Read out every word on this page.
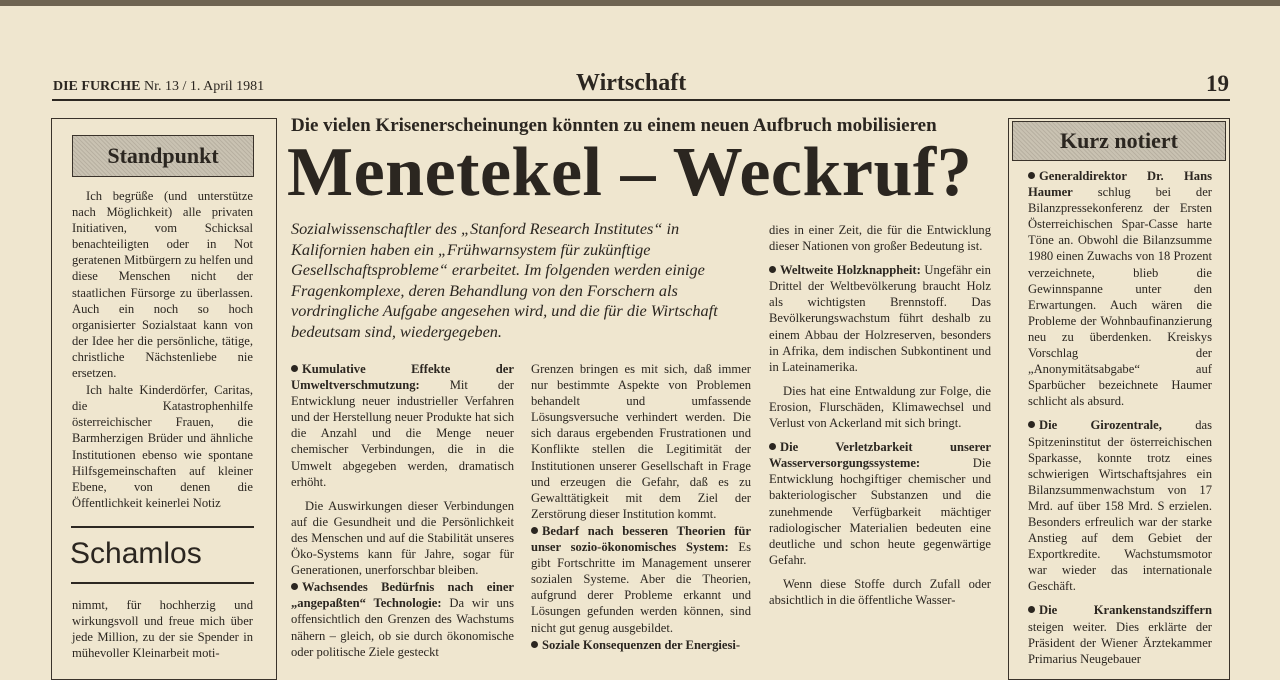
DIE FURCHE Nr. 13 / 1. April 1981	Wirtschaft	19
Standpunkt

Ich begrüße (und unterstütze nach Möglichkeit) alle privaten Initiativen, vom Schicksal benachteiligten oder in Not geratenen Mitbürgern zu helfen und diese Menschen nicht der staatlichen Fürsorge zu überlassen. Auch ein noch so hoch organisierter Sozialstaat kann von der Idee her die persönliche, tätige, christliche Nächstenliebe nie ersetzen.

Ich halte Kinderdörfer, Caritas, die Katastrophenhilfe österreichischer Frauen, die Barmherzigen Brüder und ähnliche Institutionen ebenso wie spontane Hilfsgemeinschaften auf kleiner Ebene, von denen die Öffentlichkeit keinerlei Notiz

Schamlos

nimmt, für hochherzig und wirkungsvoll und freue mich über jede Million, zu der sie Spender in mühevoller Kleinarbeit moti-

Die vielen Krisenerscheinungen könnten zu einem neuen Aufbruch mobilisieren
Menetekel – Weckruf?
Sozialwissenschaftler des „Stanford Research Institutes“ in Kalifornien haben ein „Frühwarnsystem für zukünftige Gesellschaftsprobleme“ erarbeitet. Im folgenden werden einige Fragenkomplexe, deren Behandlung von den Forschern als vordringliche Aufgabe angesehen wird, und die für die Wirtschaft bedeutsam sind, wiedergegeben.

Kumulative Effekte der Umweltverschmutzung: Mit der Entwicklung neuer industrieller Verfahren und der Herstellung neuer Produkte hat sich die Anzahl und die Menge neuer chemischer Verbindungen, die in die Umwelt abgegeben werden, dramatisch erhöht.

Die Auswirkungen dieser Verbindungen auf die Gesundheit und die Persönlichkeit des Menschen und auf die Stabilität unseres Öko-Systems kann für Jahre, sogar für Generationen, unerforschbar bleiben.

Wachsendes Bedürfnis nach einer „angepaßten“ Technologie: Da wir uns offensichtlich den Grenzen des Wachstums nähern – gleich, ob sie durch ökonomische oder politische Ziele gesteckt

Grenzen bringen es mit sich, daß immer nur bestimmte Aspekte von Problemen behandelt und umfassende Lösungsversuche verhindert werden. Die sich daraus ergebenden Frustrationen und Konflikte stellen die Legitimität der Institutionen unserer Gesellschaft in Frage und erzeugen die Gefahr, daß es zu Gewalttätigkeit mit dem Ziel der Zerstörung dieser Institution kommt.

Bedarf nach besseren Theorien für unser sozio-ökonomisches System: Es gibt Fortschritte im Management unserer sozialen Systeme. Aber die Theorien, aufgrund derer Probleme erkannt und Lösungen gefunden werden können, sind nicht gut genug ausgebildet.

Soziale Konsequenzen der Energiesi-

dies in einer Zeit, die für die Entwicklung dieser Nationen von großer Bedeutung ist.

Weltweite Holzknappheit: Ungefähr ein Drittel der Weltbevölkerung braucht Holz als wichtigsten Brennstoff. Das Bevölkerungswachstum führt deshalb zu einem Abbau der Holzreserven, besonders in Afrika, dem indischen Subkontinent und in Lateinamerika.

Dies hat eine Entwaldung zur Folge, die Erosion, Flurschäden, Klimawechsel und Verlust von Ackerland mit sich bringt.

Die Verletzbarkeit unserer Wasserversorgungssysteme: Die Entwicklung hochgiftiger chemischer und bakteriologischer Substanzen und die zunehmende Verfügbarkeit mächtiger radiologischer Materialien bedeuten eine deutliche und schon heute gegenwärtige Gefahr.

Wenn diese Stoffe durch Zufall oder absichtlich in die öffentliche Wasser-

Kurz notiert

Generaldirektor Dr. Hans Haumer schlug bei der Bilanzpressekonferenz der Ersten Österreichischen Spar-Casse harte Töne an. Obwohl die Bilanzsumme 1980 einen Zuwachs von 18 Prozent verzeichnete, blieb die Gewinnspanne unter den Erwartungen. Auch wären die Probleme der Wohnbaufinanzierung neu zu überdenken. Kreiskys Vorschlag der „Anonymitätsabgabe“ auf Sparbücher bezeichnete Haumer schlicht als absurd.

Die Girozentrale, das Spitzeninstitut der österreichischen Sparkasse, konnte trotz eines schwierigen Wirtschaftsjahres ein Bilanzsummenwachstum von 17 Mrd. auf über 158 Mrd. S erzielen. Besonders erfreulich war der starke Anstieg auf dem Gebiet der Exportkredite. Wachstumsmotor war wieder das internationale Geschäft.

Die Krankenstandsziffern steigen weiter. Dies erklärte der Präsident der Wiener Ärztekammer Primarius Neugebauer
